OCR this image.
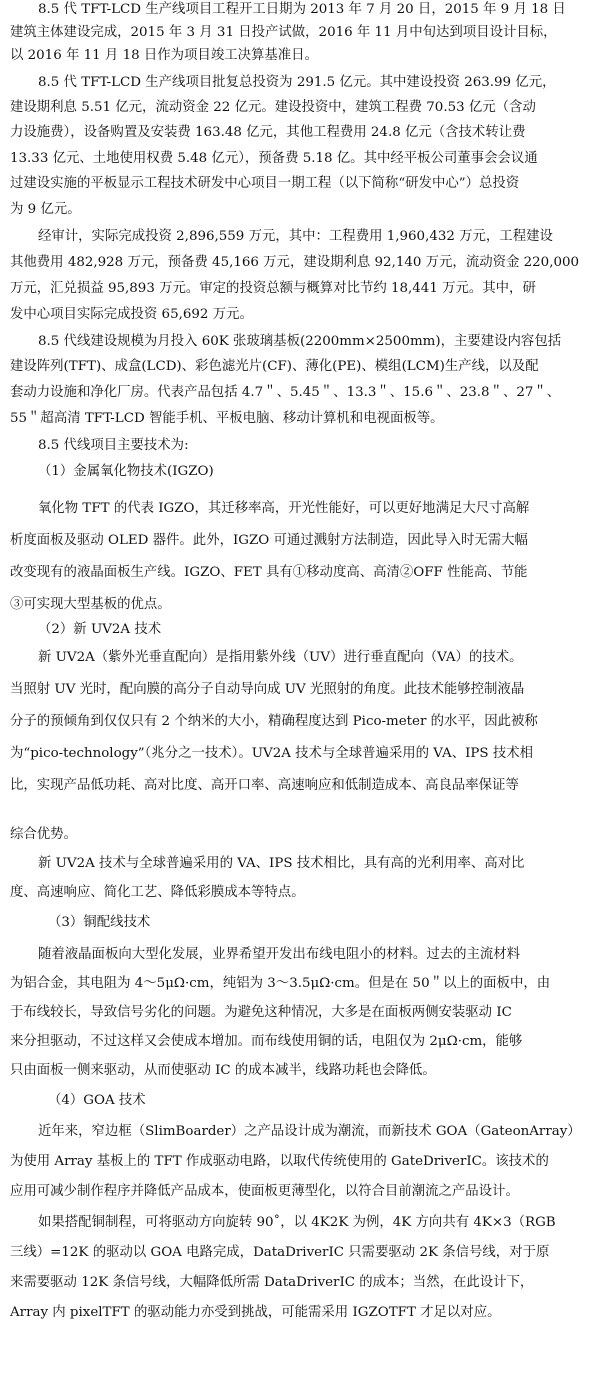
8.5 代 TFT-LCD 生产线项目工程开工日期为 2013 年 7 月 20 日，2015 年 9 月 18 日
建筑主体建设完成，2015 年 3 月 31 日投产试做，2016 年 11 月中旬达到项目设计目标，
以 2016 年 11 月 18 日作为项目竣工决算基准日。
8.5 代 TFT-LCD 生产线项目批复总投资为 291.5 亿元。其中建设投资 263.99 亿元，
建设期利息 5.51 亿元，流动资金 22 亿元。建设投资中，建筑工程费 70.53 亿元（含动
力设施费），设备购置及安装费 163.48 亿元，其他工程费用 24.8 亿元（含技术转让费
13.33 亿元、土地使用权费 5.48 亿元），预备费 5.18 亿。其中经平板公司董事会会议通
过建设实施的平板显示工程技术研发中心项目一期工程（以下简称“研发中心”）总投资
为 9 亿元。
经审计，实际完成投资 2,896,559 万元，其中：工程费用 1,960,432 万元，工程建设
其他费用 482,928 万元，预备费 45,166 万元，建设期利息 92,140 万元，流动资金 220,000
万元，汇兑损益 95,893 万元。审定的投资总额与概算对比节约 18,441 万元。其中，研
发中心项目实际完成投资 65,692 万元。
8.5 代线建设规模为月投入 60K 张玻璃基板(2200mm×2500mm)，主要建设内容包括
建设阵列(TFT)、成盒(LCD)、彩色滤光片(CF)、薄化(PE)、模组(LCM)生产线，以及配
套动力设施和净化厂房。代表产品包括 4.7＂、5.45＂、13.3＂、15.6＂、23.8＂、27＂、
55＂超高清 TFT-LCD 智能手机、平板电脑、移动计算机和电视面板等。
8.5 代线项目主要技术为:
（1）金属氧化物技术(IGZO)
氧化物 TFT 的代表 IGZO，其迁移率高，开光性能好，可以更好地满足大尺寸高解
析度面板及驱动 OLED 器件。此外，IGZO 可通过溅射方法制造，因此导入时无需大幅
改变现有的液晶面板生产线。IGZO、FET 具有①移动度高、高清②OFF 性能高、节能
③可实现大型基板的优点。
（2）新 UV2A 技术
新 UV2A（紫外光垂直配向）是指用紫外线（UV）进行垂直配向（VA）的技术。
当照射 UV 光时，配向膜的高分子自动导向成 UV 光照射的角度。此技术能够控制液晶
分子的预倾角到仅仅只有 2 个纳米的大小，精确程度达到 Pico-meter 的水平，因此被称
为“pico-technology”（兆分之一技术）。UV2A 技术与全球普遍采用的 VA、IPS 技术相
比，实现产品低功耗、高对比度、高开口率、高速响应和低制造成本、高良品率保证等
综合优势。
新 UV2A 技术与全球普遍采用的 VA、IPS 技术相比，具有高的光利用率、高对比
度、高速响应、简化工艺、降低彩膜成本等特点。
（3）铜配线技术
随着液晶面板向大型化发展，业界希望开发出布线电阻小的材料。过去的主流材料
为铝合金，其电阻为 4～5μΩ·cm，纯铝为 3～3.5μΩ·cm。但是在 50＂以上的面板中，由
于布线较长，导致信号劣化的问题。为避免这种情况，大多是在面板两侧安装驱动 IC
来分担驱动，不过这样又会使成本增加。而布线使用铜的话，电阻仅为 2μΩ·cm，能够
只由面板一侧来驱动，从而使驱动 IC 的成本减半，线路功耗也会降低。
（4）GOA 技术
近年来，窄边框（SlimBoarder）之产品设计成为潮流，而新技术 GOA（GateonArray）
为使用 Array 基板上的 TFT 作成驱动电路，以取代传统使用的 GateDriverIC。该技术的
应用可减少制作程序并降低产品成本，使面板更薄型化，以符合目前潮流之产品设计。
如果搭配铜制程，可将驱动方向旋转 90˚，以 4K2K 为例，4K 方向共有 4K×3（RGB
三线）=12K 的驱动以 GOA 电路完成，DataDriverIC 只需要驱动 2K 条信号线，对于原
来需要驱动 12K 条信号线，大幅降低所需 DataDriverIC 的成本；当然，在此设计下，
Array 内 pixelTFT 的驱动能力亦受到挑战，可能需采用 IGZOTFT 才足以对应。
